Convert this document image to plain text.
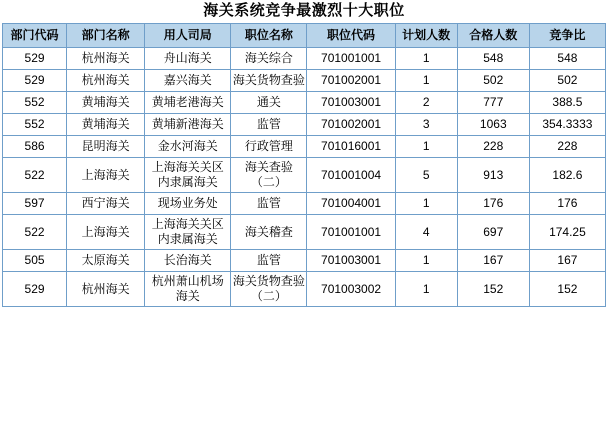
海关系统竞争最激烈十大职位
部门代码	部门名称	用人司局	职位名称	职位代码	计划人数	合格人数	竞争比
529	杭州海关	舟山海关	海关综合	701001001	1	548	548
529	杭州海关	嘉兴海关	海关货物查验	701002001	1	502	502
552	黄埔海关	黄埔老港海关	通关	701003001	2	777	388.5
552	黄埔海关	黄埔新港海关	监管	701002001	3	1063	354.3333
586	昆明海关	金水河海关	行政管理	701016001	1	228	228
522	上海海关	上海海关关区内隶属海关	海关查验（二）	701001004	5	913	182.6
597	西宁海关	现场业务处	监管	701004001	1	176	176
522	上海海关	上海海关关区内隶属海关	海关稽查	701001001	4	697	174.25
505	太原海关	长治海关	监管	701003001	1	167	167
529	杭州海关	杭州萧山机场海关	海关货物查验（二）	701003002	1	152	152
